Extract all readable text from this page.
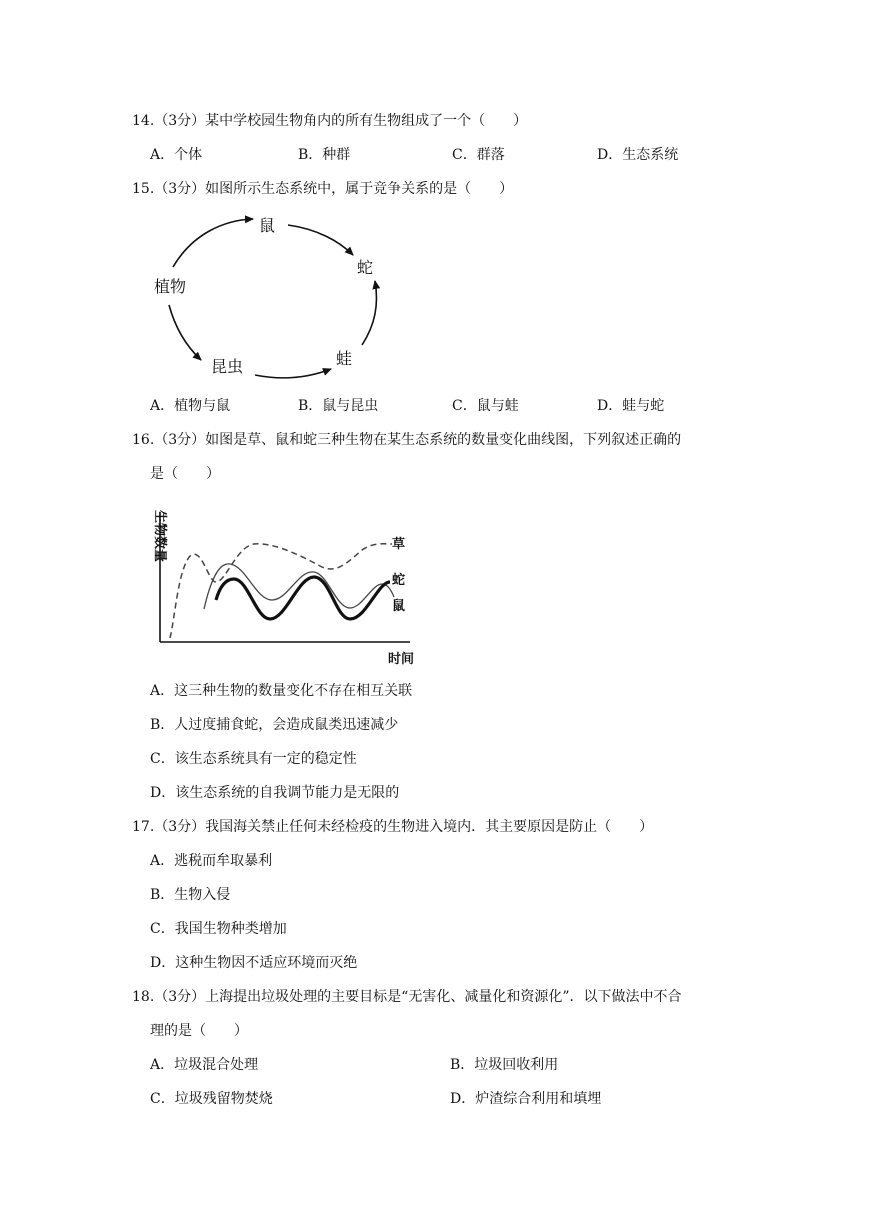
14.（3分）某中学校园生物角内的所有生物组成了一个（　　）
A．个体	B．种群	C．群落	D．生态系统
15.（3分）如图所示生态系统中，属于竞争关系的是（　　）
鼠
蛇
植物
昆虫	蛙
A．植物与鼠	B．鼠与昆虫	C．鼠与蛙	D．蛙与蛇
16.（3分）如图是草、鼠和蛇三种生物在某生态系统的数量变化曲线图，下列叙述正确的
是（　　）
生物数量
时间
草
蛇
鼠
A．这三种生物的数量变化不存在相互关联
B．人过度捕食蛇，会造成鼠类迅速减少
C．该生态系统具有一定的稳定性
D．该生态系统的自我调节能力是无限的
17.（3分）我国海关禁止任何未经检疫的生物进入境内．其主要原因是防止（　　）
A．逃税而牟取暴利
B．生物入侵
C．我国生物种类增加
D．这种生物因不适应环境而灭绝
18.（3分）上海提出垃圾处理的主要目标是“无害化、减量化和资源化”．以下做法中不合
理的是（　　）
A．垃圾混合处理	B．垃圾回收利用
C．垃圾残留物焚烧	D．炉渣综合利用和填埋
